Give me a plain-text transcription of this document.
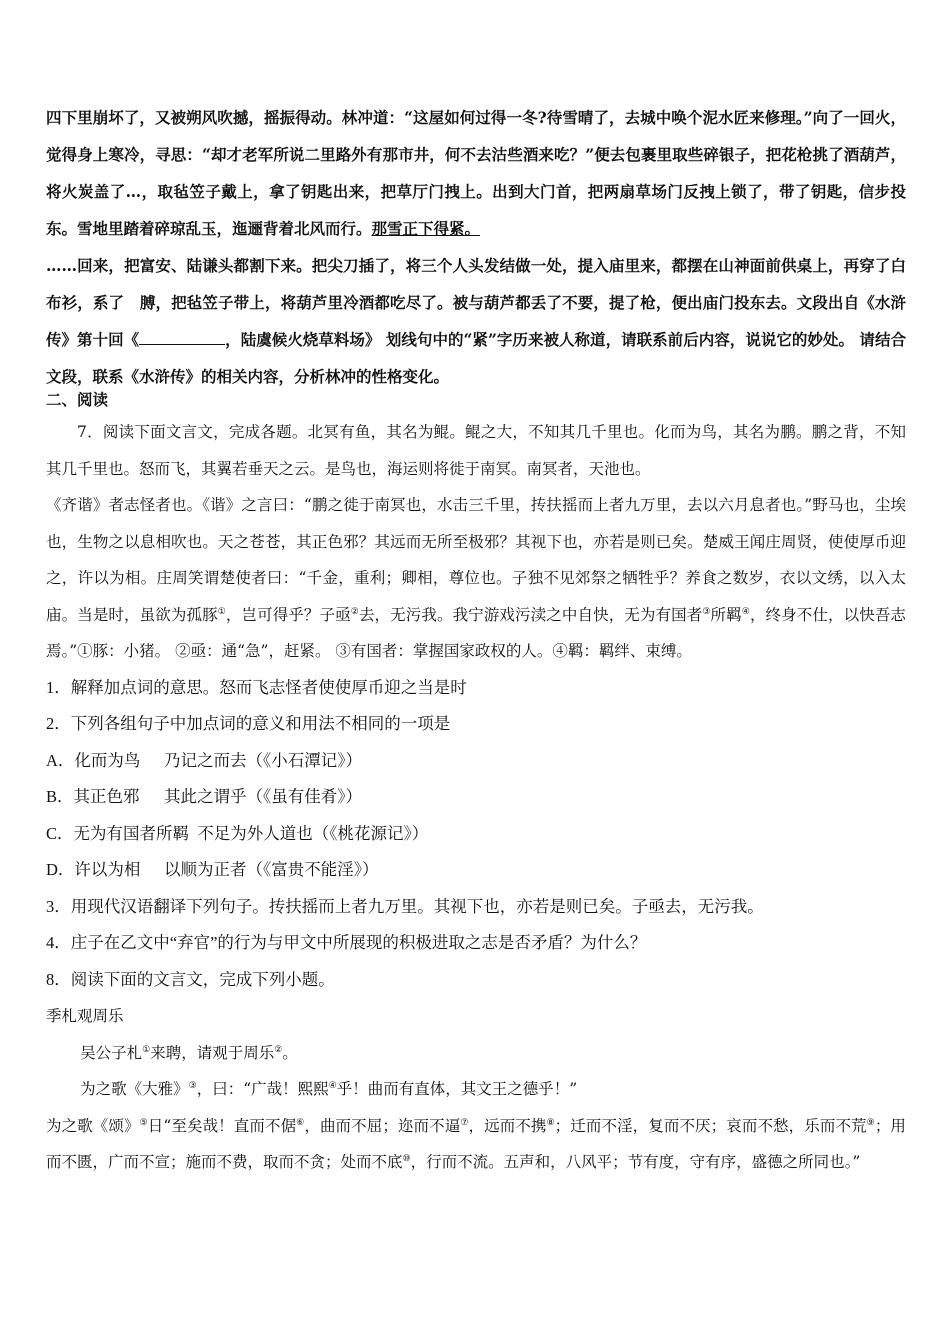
四下里崩坏了，又被朔风吹撼，摇振得动。林冲道：“这屋如何过得一冬?待雪晴了，去城中唤个泥水匠来修理。”向了一回火，觉得身上寒冷，寻思：“却才老军所说二里路外有那市井，何不去沽些酒来吃？”便去包裹里取些碎银子，把花枪挑了酒葫芦，将火炭盖了…，取毡笠子戴上，拿了钥匙出来，把草厅门拽上。出到大门首，把两扇草场门反拽上锁了，带了钥匙，信步投东。雪地里踏着碎琼乱玉，迤逦背着北风而行。那雪正下得紧。

……回来，把富安、陆谦头都割下来。把尖刀插了，将三个人头发结做一处，提入庙里来，都摆在山神面前供桌上，再穿了白布衫，系了　膊，把毡笠子带上，将葫芦里冷酒都吃尽了。被与葫芦都丢了不要，提了枪，便出庙门投东去。文段出自《水浒传》第十回《	，陆虞候火烧草料场》 划线句中的“紧”字历来被人称道，请联系前后内容，说说它的妙处。 请结合文段，联系《水浒传》的相关内容，分析林冲的性格变化。

二、阅读

7．阅读下面文言文，完成各题。北冥有鱼，其名为鲲。鲲之大，不知其几千里也。化而为鸟，其名为鹏。鹏之背，不知其几千里也。怒而飞，其翼若垂天之云。是鸟也，海运则将徙于南冥。南冥者，天池也。

《齐谐》者志怪者也。《谐》之言曰：“鹏之徙于南冥也，水击三千里，抟扶摇而上者九万里，去以六月息者也。”野马也，尘埃也，生物之以息相吹也。天之苍苍，其正色邪？其远而无所至极邪？其视下也，亦若是则已矣。楚威王闻庄周贤，使使厚币迎之，许以为相。庄周笑谓楚使者曰：“千金，重利；卿相，尊位也。子独不见郊祭之牺牲乎？养食之数岁，衣以文绣，以入太庙。当是时，虽欲为孤豚①，岂可得乎？子亟②去，无污我。我宁游戏污渎之中自快，无为有国者③所羁④，终身不仕，以快吾志焉。”①豚：小猪。 ②亟：通“急”，赶紧。 ③有国者：掌握国家政权的人。④羁：羁绊、束缚。

1．解释加点词的意思。怒而飞志怪者使使厚币迎之当是时

2．下列各组句子中加点词的意义和用法不相同的一项是

A．化而为鸟 乃记之而去（《小石潭记》）

B．其正色邪 其此之谓乎（《虽有佳肴》）

C．无为有国者所羁 不足为外人道也（《桃花源记》）

D．许以为相 以顺为正者（《富贵不能淫》）

3．用现代汉语翻译下列句子。抟扶摇而上者九万里。其视下也，亦若是则已矣。子亟去，无污我。

4．庄子在乙文中“弃官”的行为与甲文中所展现的积极进取之志是否矛盾？为什么？

8．阅读下面的文言文，完成下列小题。

季札观周乐

吴公子札①来聘，请观于周乐②。

为之歌《大雅》③，曰：“广哉！熙熙④乎！曲而有直体，其文王之德乎！”

为之歌《颂》⑤日“至矣哉！直而不倨⑥，曲而不屈；迩而不逼⑦，远而不携⑧；迁而不淫，复而不厌；哀而不愁，乐而不荒⑨；用而不匮，广而不宣；施而不费，取而不贪；处而不底⑩，行而不流。五声和，八风平；节有度，守有序，盛德之所同也。”
